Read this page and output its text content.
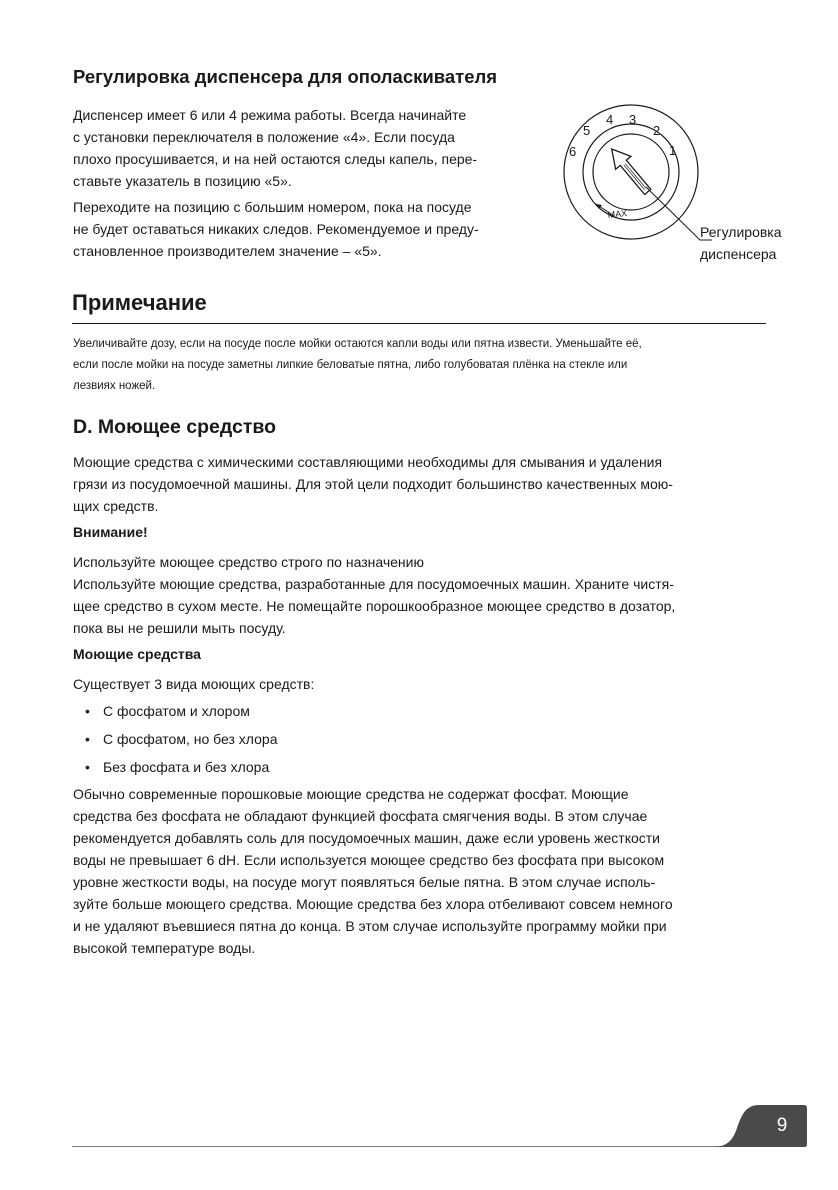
Регулировка диспенсера для ополаскивателя

Диспенсер имеет 6 или 4 режима работы. Всегда начинайте
с установки переключателя в положение «4». Если посуда
плохо просушивается, и на ней остаются следы капель, пере-
ставьте указатель в позицию «5».

Переходите на позицию с большим номером, пока на посуде
не будет оставаться никаких следов. Рекомендуемое и преду-
становленное производителем значение – «5».

MAX
1
2
3
4
5
6

Регулировка
диспенсера

Примечание

Увеличивайте дозу, если на посуде после мойки остаются капли воды или пятна извести. Уменьшайте её,
если после мойки на посуде заметны липкие беловатые пятна, либо голубоватая плёнка на стекле или
лезвиях ножей.

D. Моющее средство

Моющие средства с химическими составляющими необходимы для смывания и удаления
грязи из посудомоечной машины. Для этой цели подходит большинство качественных мою-
щих средств.

Внимание!

Используйте моющее средство строго по назначению
Используйте моющие средства, разработанные для посудомоечных машин. Храните чистя-
щее средство в сухом месте. Не помещайте порошкообразное моющее средство в дозатор,
пока вы не решили мыть посуду.

Моющие средства

Существует 3 вида моющих средств:

• С фосфатом и хлором
• С фосфатом, но без хлора
• Без фосфата и без хлора

Обычно современные порошковые моющие средства не содержат фосфат. Моющие
средства без фосфата не обладают функцией фосфата смягчения воды. В этом случае
рекомендуется добавлять соль для посудомоечных машин, даже если уровень жесткости
воды не превышает 6 dH. Если используется моющее средство без фосфата при высоком
уровне жесткости воды, на посуде могут появляться белые пятна. В этом случае исполь-
зуйте больше моющего средства. Моющие средства без хлора отбеливают совсем немного
и не удаляют въевшиеся пятна до конца. В этом случае используйте программу мойки при
высокой температуре воды.

9
